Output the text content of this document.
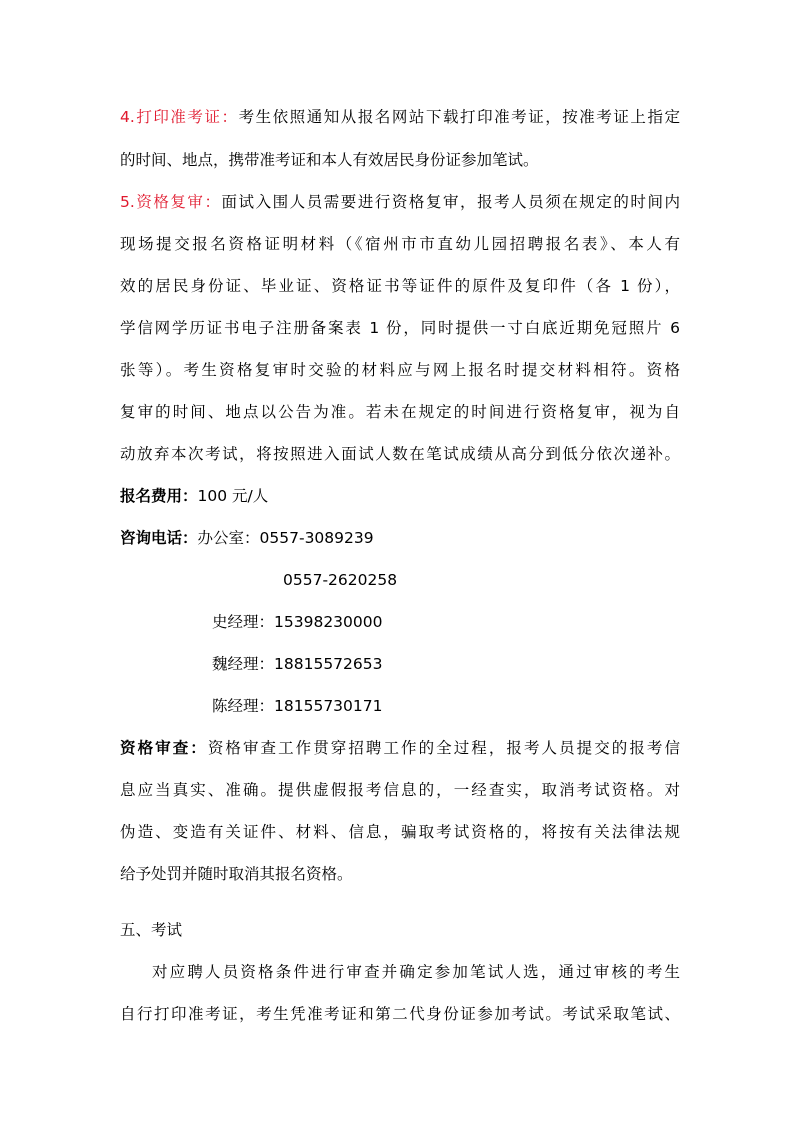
4.打印准考证：考生依照通知从报名网站下载打印准考证，按准考证上指定
的时间、地点，携带准考证和本人有效居民身份证参加笔试。
5.资格复审：面试入围人员需要进行资格复审，报考人员须在规定的时间内
现场提交报名资格证明材料（《宿州市市直幼儿园招聘报名表》、本人有
效的居民身份证、毕业证、资格证书等证件的原件及复印件（各 1 份），
学信网学历证书电子注册备案表 1 份，同时提供一寸白底近期免冠照片 6
张等）。考生资格复审时交验的材料应与网上报名时提交材料相符。资格
复审的时间、地点以公告为准。若未在规定的时间进行资格复审，视为自
动放弃本次考试，将按照进入面试人数在笔试成绩从高分到低分依次递补。
报名费用：100 元/人
咨询电话：办公室：0557-3089239
0557-2620258
史经理：15398230000
魏经理：18815572653
陈经理：18155730171
资格审查：资格审查工作贯穿招聘工作的全过程，报考人员提交的报考信
息应当真实、准确。提供虚假报考信息的，一经查实，取消考试资格。对
伪造、变造有关证件、材料、信息，骗取考试资格的，将按有关法律法规
给予处罚并随时取消其报名资格。
五、考试
对应聘人员资格条件进行审查并确定参加笔试人选，通过审核的考生
自行打印准考证，考生凭准考证和第二代身份证参加考试。考试采取笔试、
